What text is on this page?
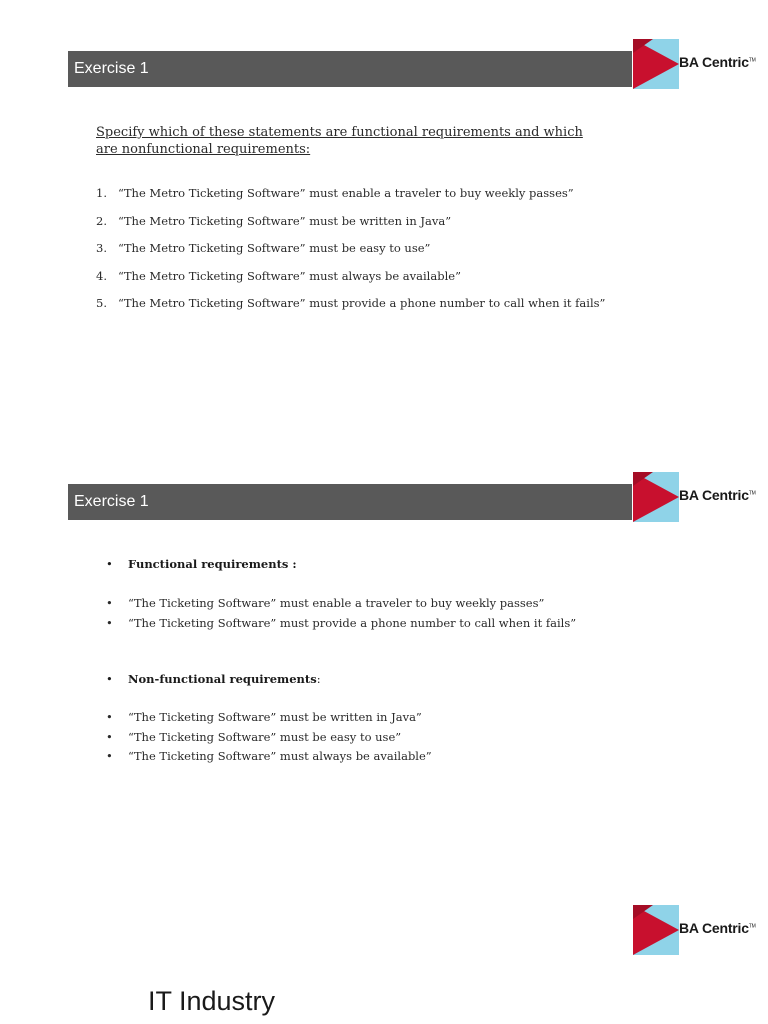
Exercise 1	BA Centric™
Specify which of these statements are functional requirements and which are nonfunctional requirements:
1. “The Metro Ticketing Software” must enable a traveler to buy weekly passes”
2. “The Metro Ticketing Software” must be written in Java”
3. “The Metro Ticketing Software” must be easy to use”
4. “The Metro Ticketing Software” must always be available”
5. “The Metro Ticketing Software” must provide a phone number to call when it fails”
Exercise 1	BA Centric™
• Functional requirements :
• “The Ticketing Software” must enable a traveler to buy weekly passes”
• “The Ticketing Software” must provide a phone number to call when it fails”
• Non-functional requirements:
• “The Ticketing Software” must be written in Java”
• “The Ticketing Software” must be easy to use”
• “The Ticketing Software” must always be available”
BA Centric™
IT Industry
